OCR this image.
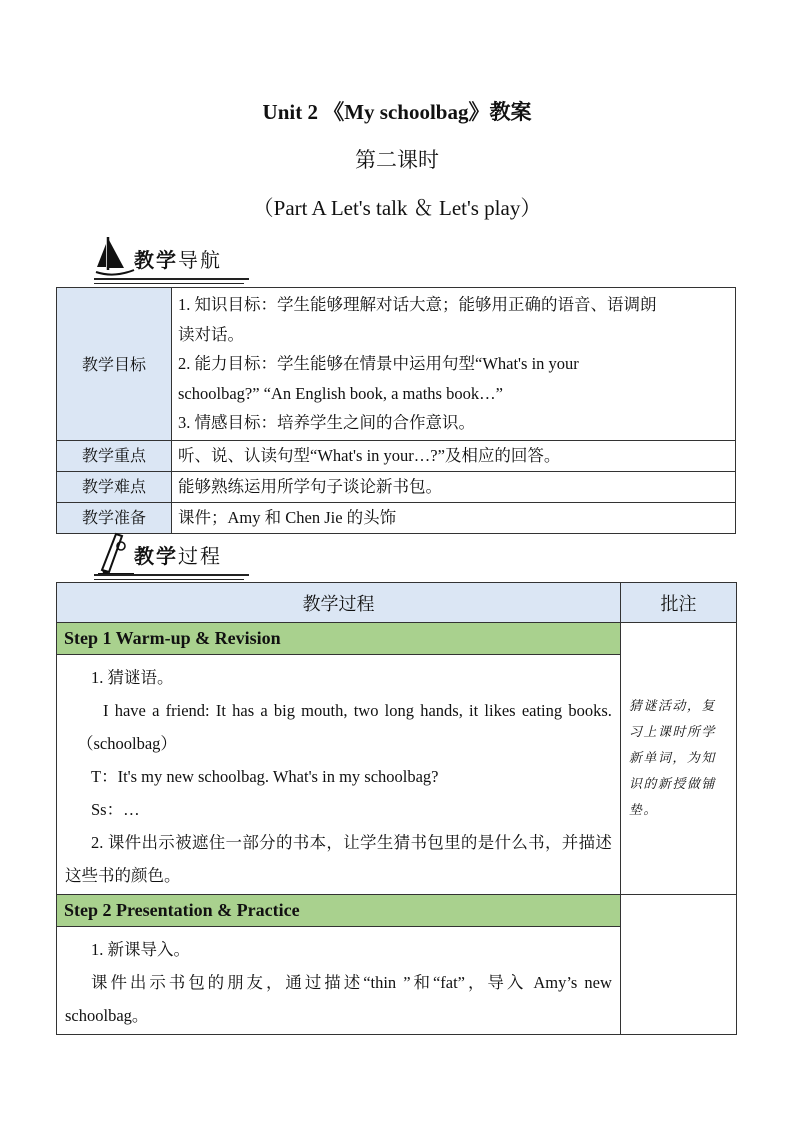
Unit 2 《My schoolbag》教案
第二课时
（Part A Let's talk ＆ Let's play）
教学导航
教学目标	1. 知识目标：学生能够理解对话大意；能够用正确的语音、语调朗
读对话。
2. 能力目标：学生能够在情景中运用句型“What's in your
schoolbag?” “An English book, a maths book…”
3. 情感目标：培养学生之间的合作意识。

教学重点	听、说、认读句型“What's in your…?”及相应的回答。
教学难点	能够熟练运用所学句子谈论新书包。
教学准备	课件；Amy 和 Chen Jie 的头饰
教学过程
教学过程	批注
Step 1 Warm-up & Revision	猜谜活动，复习上课时所学新单词，为知识的新授做铺垫。

1. 猜谜语。

I have a friend: It has a big mouth, two long hands, it likes eating books.（schoolbag）

T：It's my new schoolbag. What's in my schoolbag?

Ss：…

2. 课件出示被遮住一部分的书本，让学生猜书包里的是什么书，并描述这些书的颜色。	

Step 2 Presentation & Practice	

1. 新课导入。

课件出示书包的朋友，通过描述“thin ”和“fat”，导入 Amy’s new schoolbag。	
